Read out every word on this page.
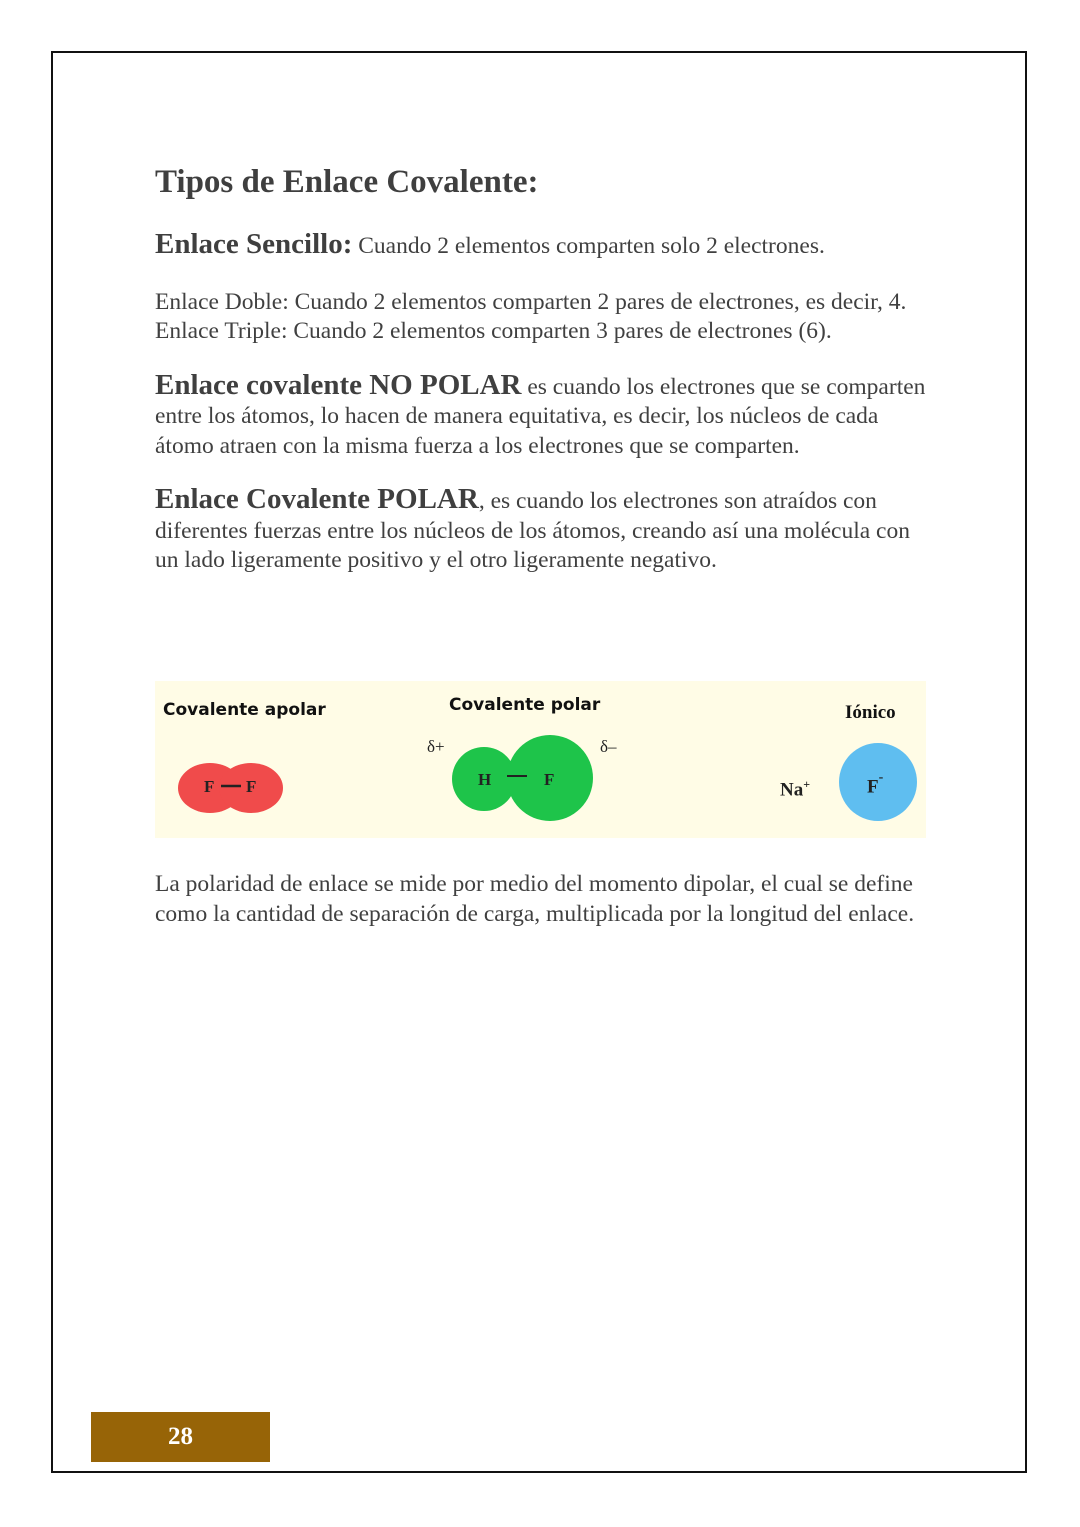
Tipos de Enlace Covalente:

Enlace Sencillo: Cuando 2 elementos comparten solo 2 electrones.

Enlace Doble: Cuando 2 elementos comparten 2 pares de electrones, es decir, 4.

Enlace Triple: Cuando 2 elementos comparten 3 pares de electrones (6).

Enlace covalente NO POLAR es cuando los electrones que se comparten entre los átomos, lo hacen de manera equitativa, es decir, los núcleos de cada átomo atraen con la misma fuerza a los electrones que se comparten.

Enlace Covalente POLAR, es cuando los electrones son atraídos con diferentes fuerzas entre los núcleos de los átomos, creando así una molécula con un lado ligeramente positivo y el otro ligeramente negativo.

Covalente apolar
F F
Covalente polar
δ+	δ–
H	F
Iónico
Na+	F-

La polaridad de enlace se mide por medio del momento dipolar, el cual se define como la cantidad de separación de carga, multiplicada por la longitud del enlace.

28
